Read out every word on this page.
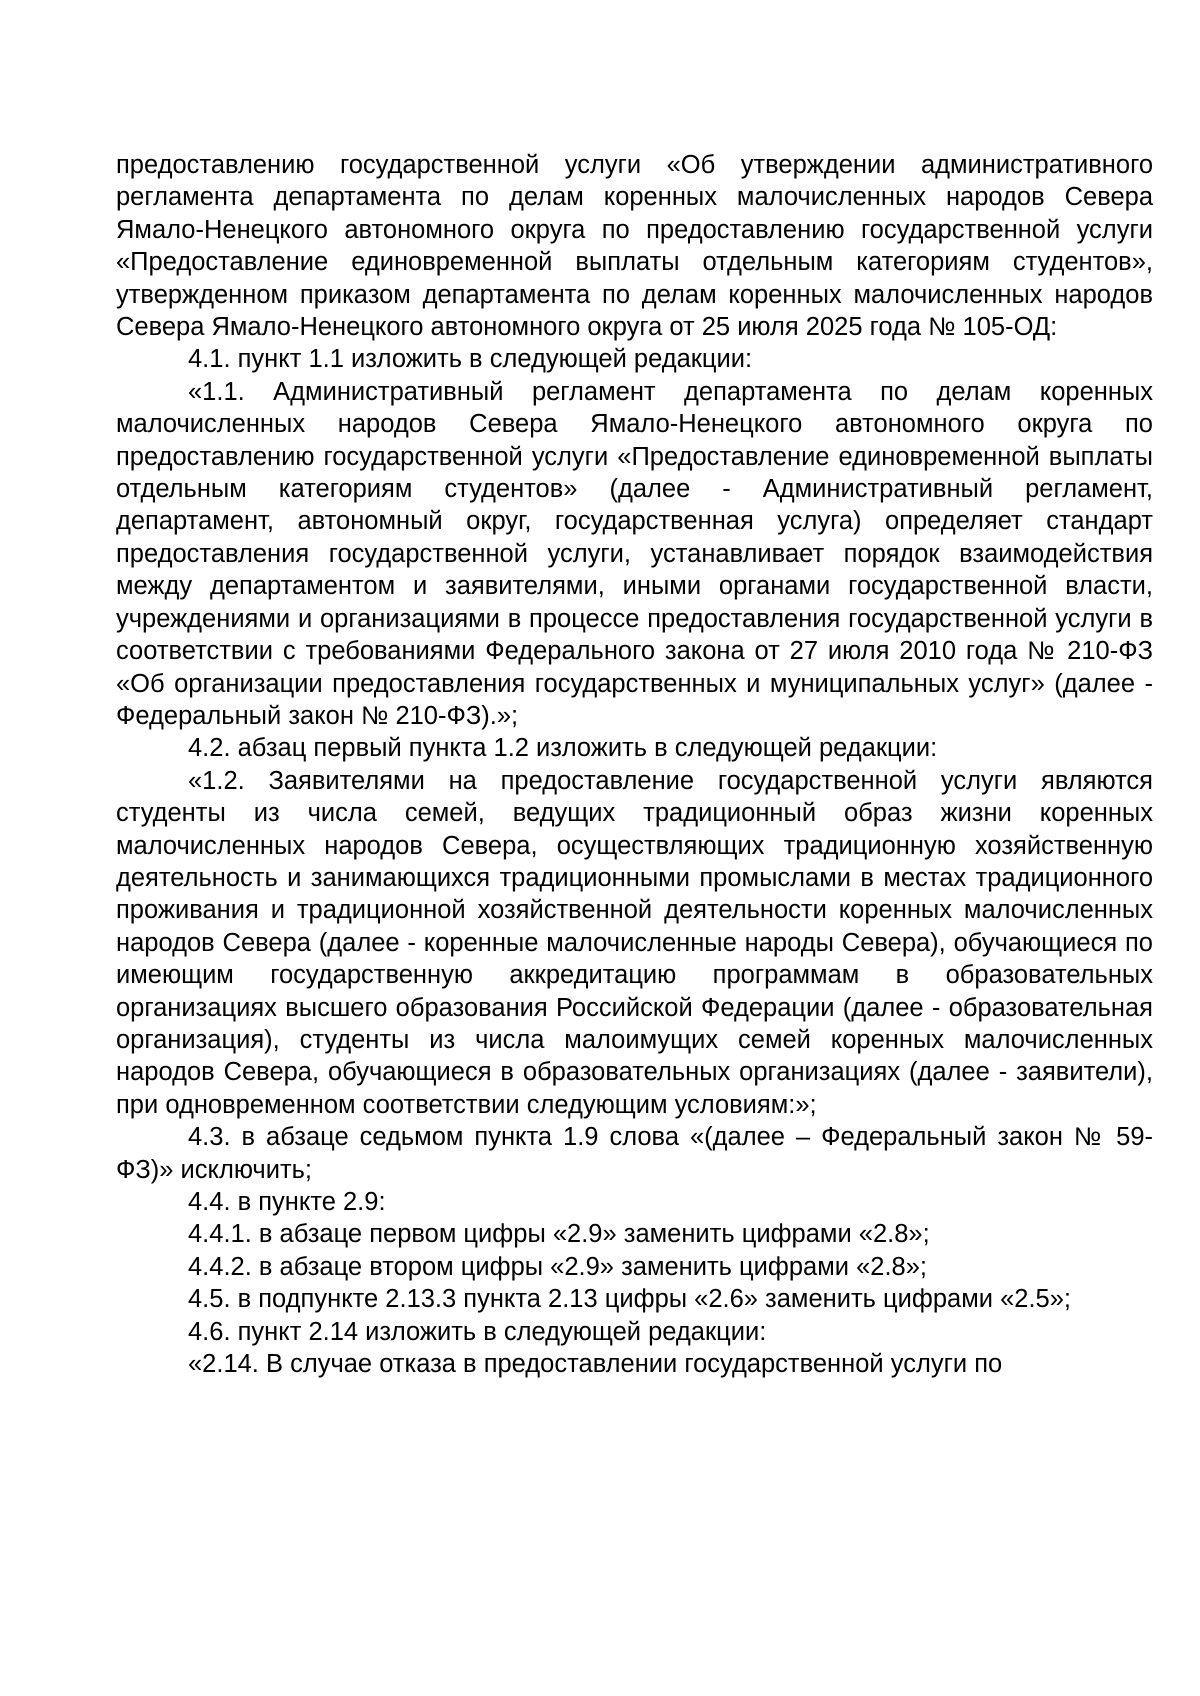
предоставлению государственной услуги «Об утверждении административного регламента департамента по делам коренных малочисленных народов Севера Ямало-Ненецкого автономного округа по предоставлению государственной услуги «Предоставление единовременной выплаты отдельным категориям студентов», утвержденном приказом департамента по делам коренных малочисленных народов Севера Ямало-Ненецкого автономного округа от 25 июля 2025 года № 105-ОД:

4.1. пункт 1.1 изложить в следующей редакции:

«1.1. Административный регламент департамента по делам коренных малочисленных народов Севера Ямало-Ненецкого автономного округа по предоставлению государственной услуги «Предоставление единовременной выплаты отдельным категориям студентов» (далее - Административный регламент, департамент, автономный округ, государственная услуга) определяет стандарт предоставления государственной услуги, устанавливает порядок взаимодействия между департаментом и заявителями, иными органами государственной власти, учреждениями и организациями в процессе предоставления государственной услуги в соответствии с требованиями Федерального закона от 27 июля 2010 года № 210-ФЗ «Об организации предоставления государственных и муниципальных услуг» (далее - Федеральный закон № 210-ФЗ).»;

4.2. абзац первый пункта 1.2 изложить в следующей редакции:

«1.2. Заявителями на предоставление государственной услуги являются студенты из числа семей, ведущих традиционный образ жизни коренных малочисленных народов Севера, осуществляющих традиционную хозяйственную деятельность и занимающихся традиционными промыслами в местах традиционного проживания и традиционной хозяйственной деятельности коренных малочисленных народов Севера (далее - коренные малочисленные народы Севера), обучающиеся по имеющим государственную аккредитацию программам в образовательных организациях высшего образования Российской Федерации (далее - образовательная организация), студенты из числа малоимущих семей коренных малочисленных народов Севера, обучающиеся в образовательных организациях (далее - заявители), при одновременном соответствии следующим условиям:»;

4.3. в абзаце седьмом пункта 1.9 слова «(далее – Федеральный закон № 59-ФЗ)» исключить;

4.4. в пункте 2.9:

4.4.1. в абзаце первом цифры «2.9» заменить цифрами «2.8»;

4.4.2. в абзаце втором цифры «2.9» заменить цифрами «2.8»;

4.5. в подпункте 2.13.3 пункта 2.13 цифры «2.6» заменить цифрами «2.5»;

4.6. пункт 2.14 изложить в следующей редакции:

«2.14. В случае отказа в предоставлении государственной услуги по
